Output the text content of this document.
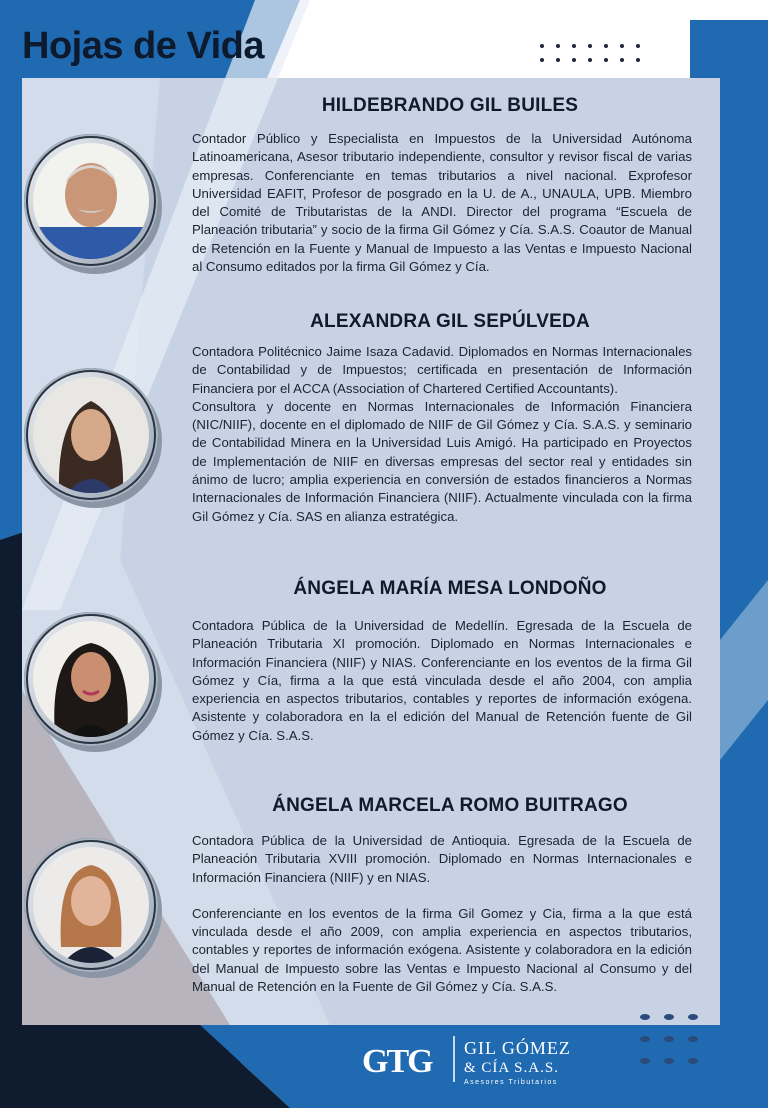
Hojas de Vida
HILDEBRANDO GIL BUILES

Contador Público y Especialista en Impuestos de la Universidad Autónoma Latinoamericana, Asesor tributario independiente, consultor y revisor fiscal de varias empresas. Conferenciante en temas tributarios a nivel nacional. Exprofesor Universidad EAFIT, Profesor de posgrado en la U. de A., UNAULA, UPB. Miembro del Comité de Tributaristas de la ANDI. Director del programa “Escuela de Planeación tributaria” y socio de la firma Gil Gómez y Cía. S.A.S. Coautor de Manual de Retención en la Fuente y Manual de Impuesto a las Ventas e Impuesto Nacional al Consumo editados por la firma Gil Gómez y Cía.

ALEXANDRA GIL SEPÚLVEDA

Contadora Politécnico Jaime Isaza Cadavid. Diplomados en Normas Internacionales de Contabilidad y de Impuestos; certificada en presentación de Información Financiera por el ACCA (Association of Chartered Certified Accountants).

Consultora y docente en Normas Internacionales de Información Financiera (NIC/NIIF), docente en el diplomado de NIIF de Gil Gómez y Cía. S.A.S. y seminario de Contabilidad Minera en la Universidad Luis Amigó. Ha participado en Proyectos de Implementación de NIIF en diversas empresas del sector real y entidades sin ánimo de lucro; amplia experiencia en conversión de estados financieros a Normas Internacionales de Información Financiera (NIIF). Actualmente vinculada con la firma Gil Gómez y Cía. SAS en alianza estratégica.

ÁNGELA MARÍA MESA LONDOÑO

Contadora Pública de la Universidad de Medellín. Egresada de la Escuela de Planeación Tributaria XI promoción. Diplomado en Normas Internacionales e Información Financiera (NIIF) y NIAS. Conferenciante en los eventos de la firma Gil Gómez y Cía, firma a la que está vinculada desde el año 2004, con amplia experiencia en aspectos tributarios, contables y reportes de información exógena. Asistente y colaboradora en la el edición del Manual de Retención fuente de Gil Gómez y Cía. S.A.S.

ÁNGELA MARCELA ROMO BUITRAGO

Contadora Pública de la Universidad de Antioquia. Egresada de la Escuela de Planeación Tributaria XVIII promoción. Diplomado en Normas Internacionales e Información Financiera (NIIF) y en NIAS.

Conferenciante en los eventos de la firma Gil Gomez y Cia, firma a la que está vinculada desde el año 2009, con amplia experiencia en aspectos tributarios, contables y reportes de información exógena. Asistente y colaboradora en la edición del Manual de Impuesto sobre las Ventas e Impuesto Nacional al Consumo y del Manual de Retención en la Fuente de Gil Gómez y Cía. S.A.S.

GTG GIL GÓMEZ
& CÍA S.A.S.
Asesores Tributarios
